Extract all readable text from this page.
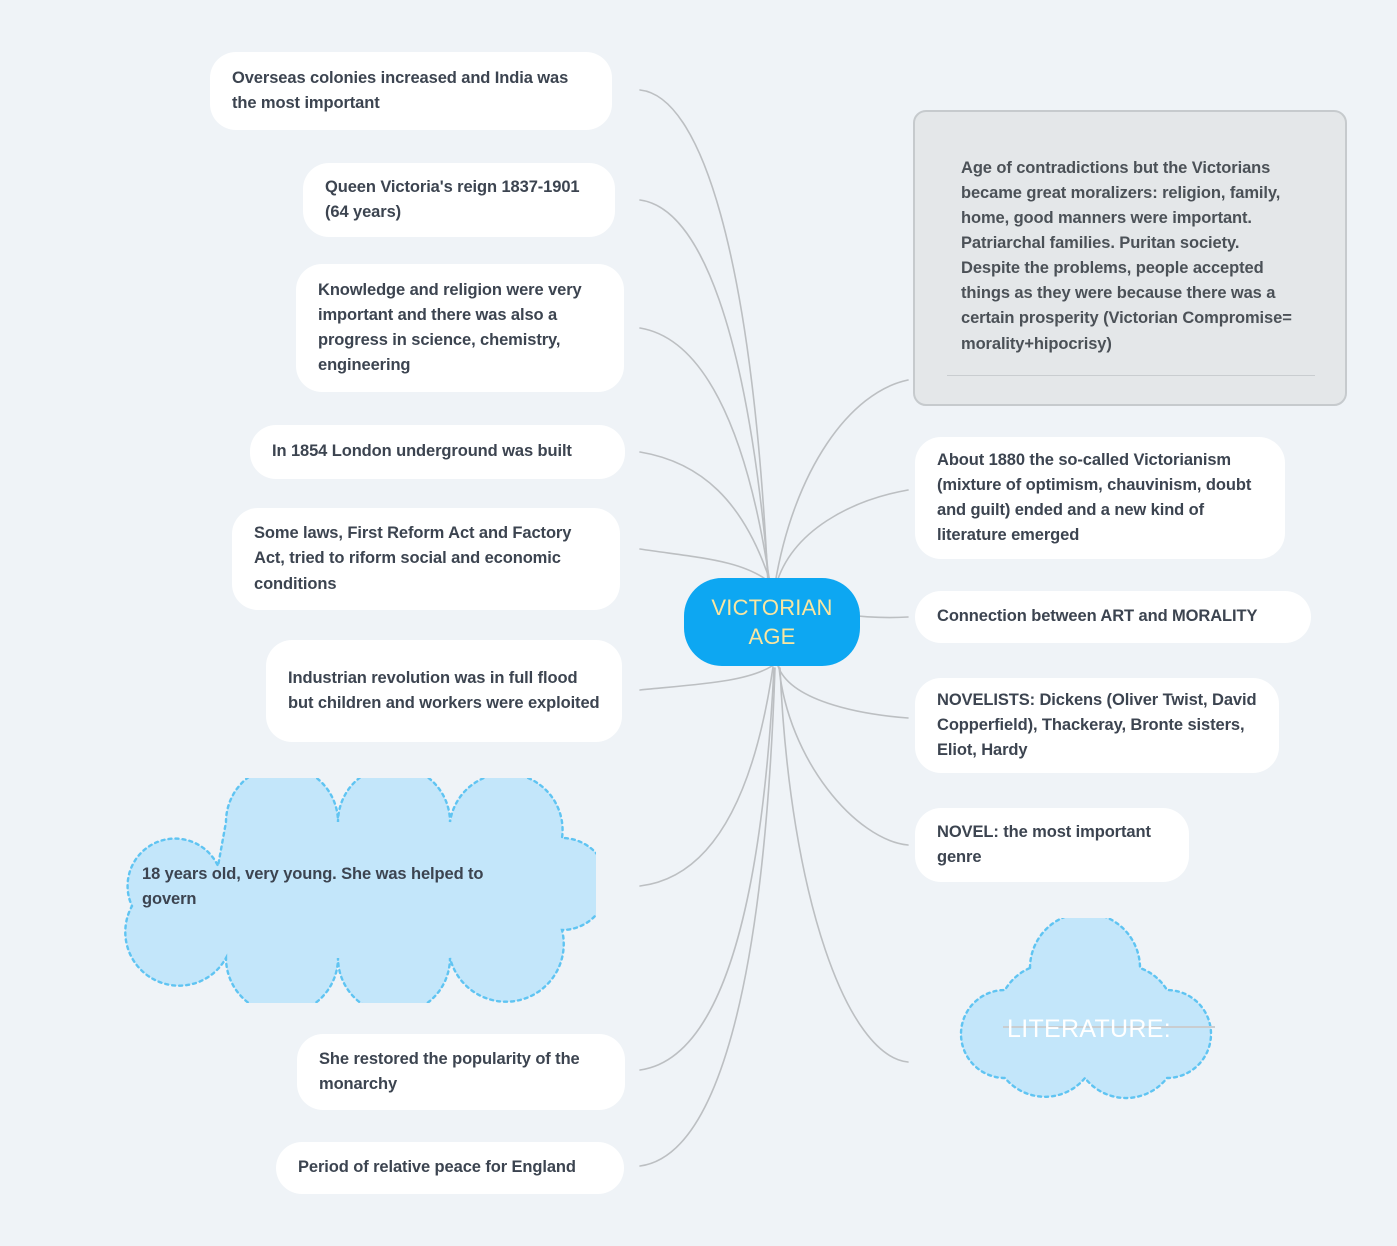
Overseas colonies increased and India was the most important
Queen Victoria's reign 1837-1901 (64 years)
Knowledge and religion were very important and there was also a progress in science, chemistry, engineering
In 1854 London underground was built
Some laws, First Reform Act and Factory Act, tried to riform social and economic conditions
Industrian revolution was in full flood but children and workers were exploited
She restored the popularity of the monarchy
Period of relative peace for England
VICTORIAN
AGE
Age of contradictions but the Victorians became great moralizers: religion, family, home, good manners were important. Patriarchal families. Puritan society. Despite the problems, people accepted things as they were because there was a certain prosperity (Victorian Compromise= morality+hipocrisy)
About 1880 the so-called Victorianism (mixture of optimism, chauvinism, doubt and guilt) ended and a new kind of literature emerged
Connection between ART and MORALITY
NOVELISTS: Dickens (Oliver Twist, David Copperfield), Thackeray, Bronte sisters, Eliot, Hardy
NOVEL: the most important genre
18 years old, very young. She was helped to govern
LITERATURE:
